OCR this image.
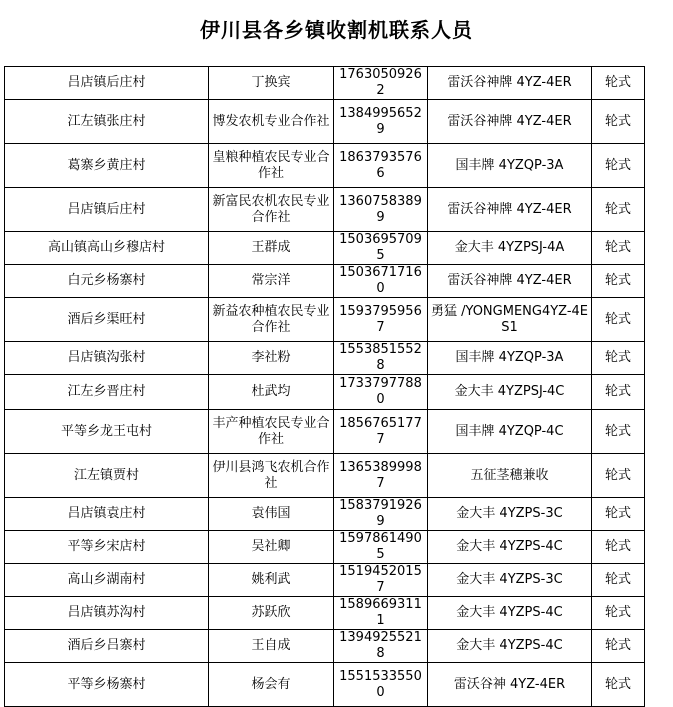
伊川县各乡镇收割机联系人员
吕店镇后庄村	丁换宾	17630509262	雷沃谷神牌 4YZ-4ER	轮式
江左镇张庄村	博发农机专业合作社	13849956529	雷沃谷神牌 4YZ-4ER	轮式
葛寨乡黄庄村	皇粮种植农民专业合作社	18637935766	国丰牌 4YZQP-3A	轮式
吕店镇后庄村	新富民农机农民专业合作社	13607583899	雷沃谷神牌 4YZ-4ER	轮式
高山镇高山乡穆店村	王群成	15036957095	金大丰 4YZPSJ-4A	轮式
白元乡杨寨村	常宗洋	15036717160	雷沃谷神牌 4YZ-4ER	轮式
酒后乡渠旺村	新益农种植农民专业合作社	15937959567	勇猛 /YONGMENG4YZ-4ES1	轮式
吕店镇沟张村	李社粉	15538515528	国丰牌 4YZQP-3A	轮式
江左乡晋庄村	杜武均	17337977880	金大丰 4YZPSJ-4C	轮式
平等乡龙王屯村	丰产种植农民专业合作社	18567651777	国丰牌 4YZQP-4C	轮式
江左镇贾村	伊川县鸿飞农机合作社	13653899987	五征茎穗兼收	轮式
吕店镇袁庄村	袁伟国	15837919269	金大丰 4YZPS-3C	轮式
平等乡宋店村	吴社卿	15978614905	金大丰 4YZPS-4C	轮式
高山乡湖南村	姚利武	15194520157	金大丰 4YZPS-3C	轮式
吕店镇苏沟村	苏跃欣	15896693111	金大丰 4YZPS-4C	轮式
酒后乡吕寨村	王自成	13949255218	金大丰 4YZPS-4C	轮式
平等乡杨寨村	杨会有	15515335500	雷沃谷神 4YZ-4ER	轮式
